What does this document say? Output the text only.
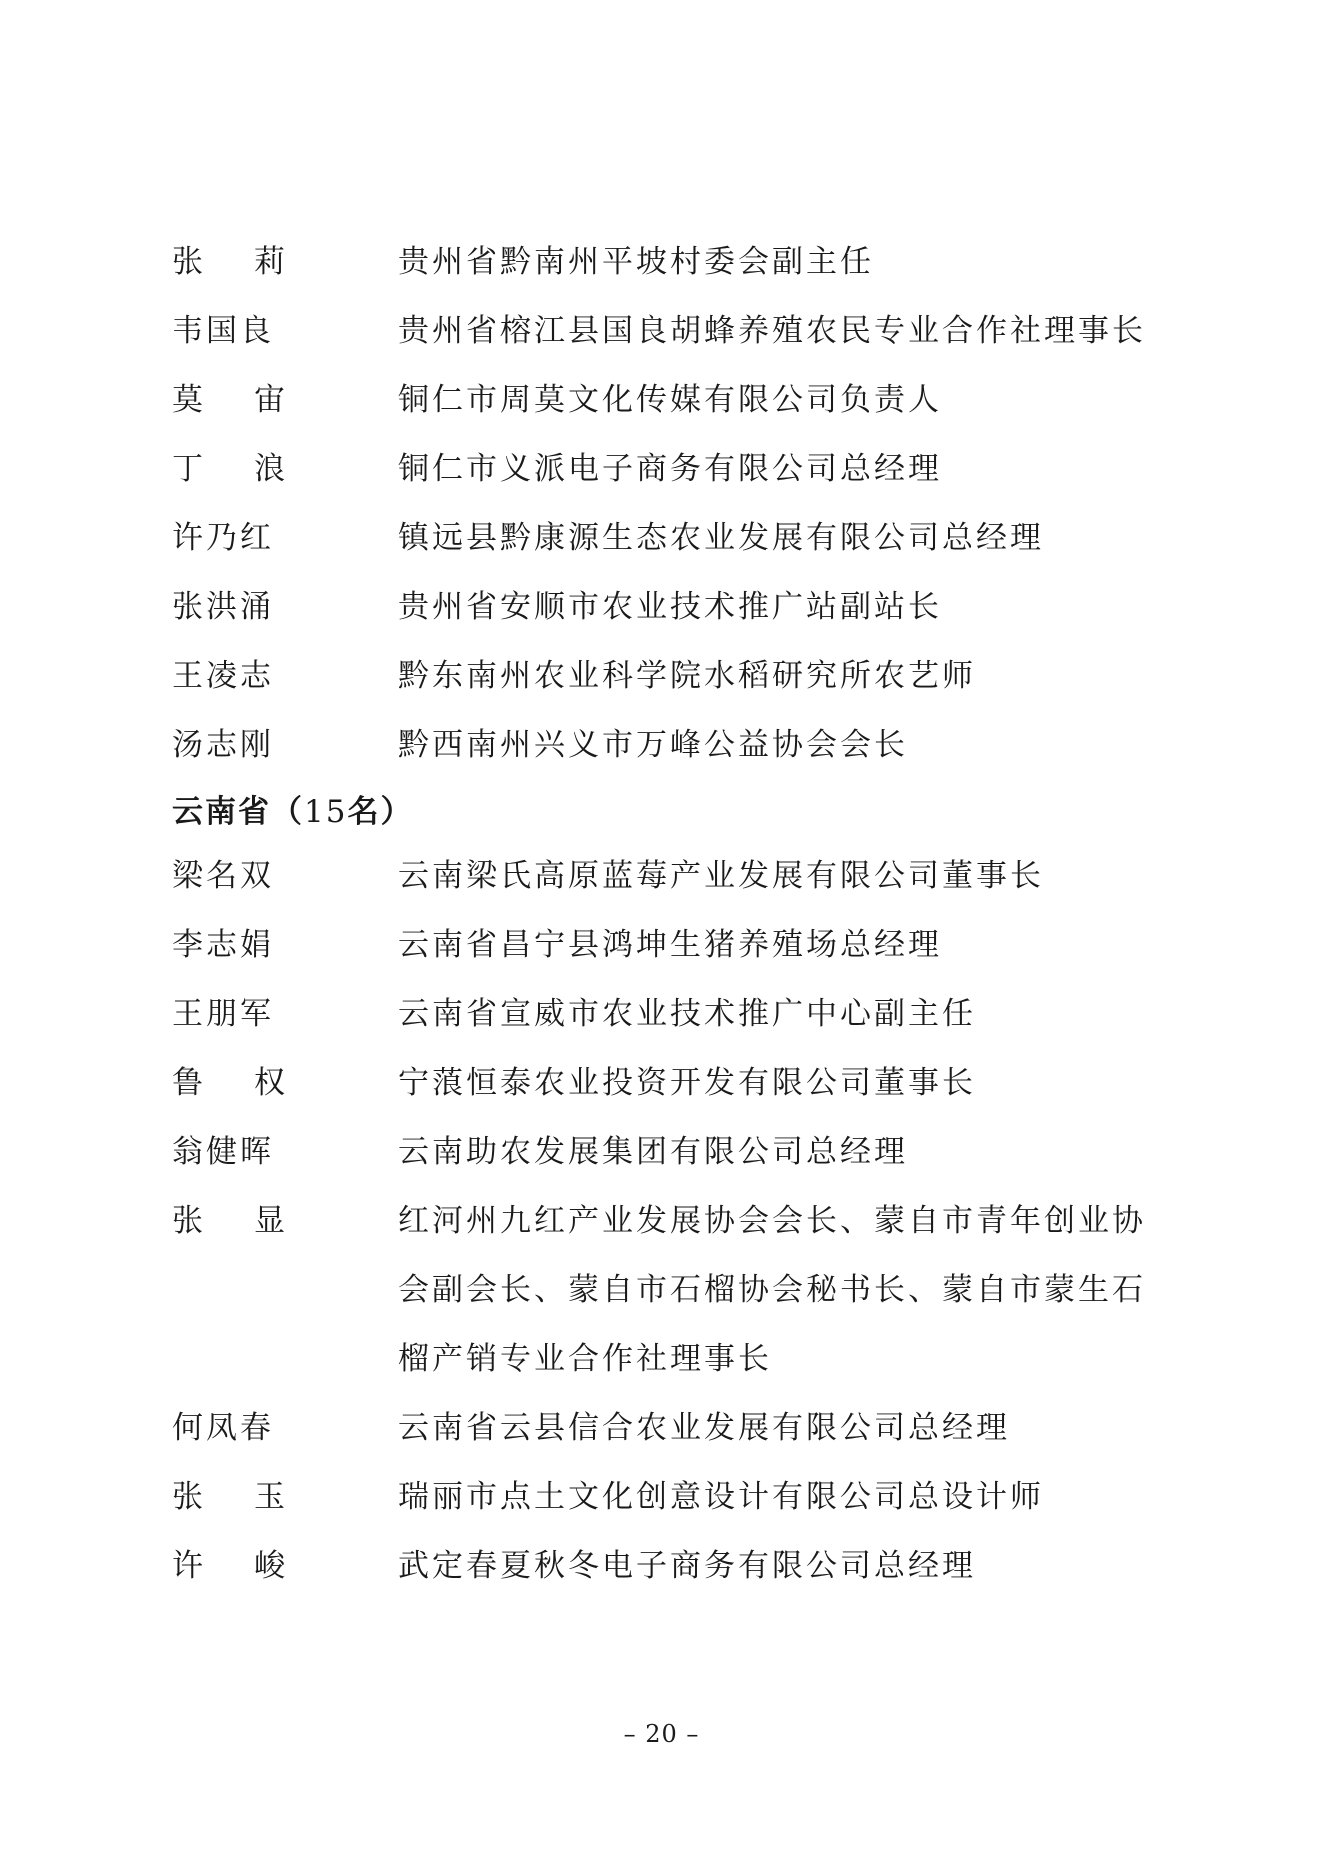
张 莉	贵州省黔南州平坡村委会副主任
韦国良	贵州省榕江县国良胡蜂养殖农民专业合作社理事长
莫 宙	铜仁市周莫文化传媒有限公司负责人
丁 浪	铜仁市义派电子商务有限公司总经理
许乃红	镇远县黔康源生态农业发展有限公司总经理
张洪涌	贵州省安顺市农业技术推广站副站长
王凌志	黔东南州农业科学院水稻研究所农艺师
汤志刚	黔西南州兴义市万峰公益协会会长
云南省（15名）
梁名双	云南梁氏高原蓝莓产业发展有限公司董事长
李志娟	云南省昌宁县鸿坤生猪养殖场总经理
王朋军	云南省宣威市农业技术推广中心副主任
鲁 权	宁蒗恒泰农业投资开发有限公司董事长
翁健晖	云南助农发展集团有限公司总经理
张 显	红河州九红产业发展协会会长、蒙自市青年创业协会副会长、蒙自市石榴协会秘书长、蒙自市蒙生石榴产销专业合作社理事长
何凤春	云南省云县信合农业发展有限公司总经理
张 玉	瑞丽市点土文化创意设计有限公司总设计师
许 峻	武定春夏秋冬电子商务有限公司总经理
– 20 –
